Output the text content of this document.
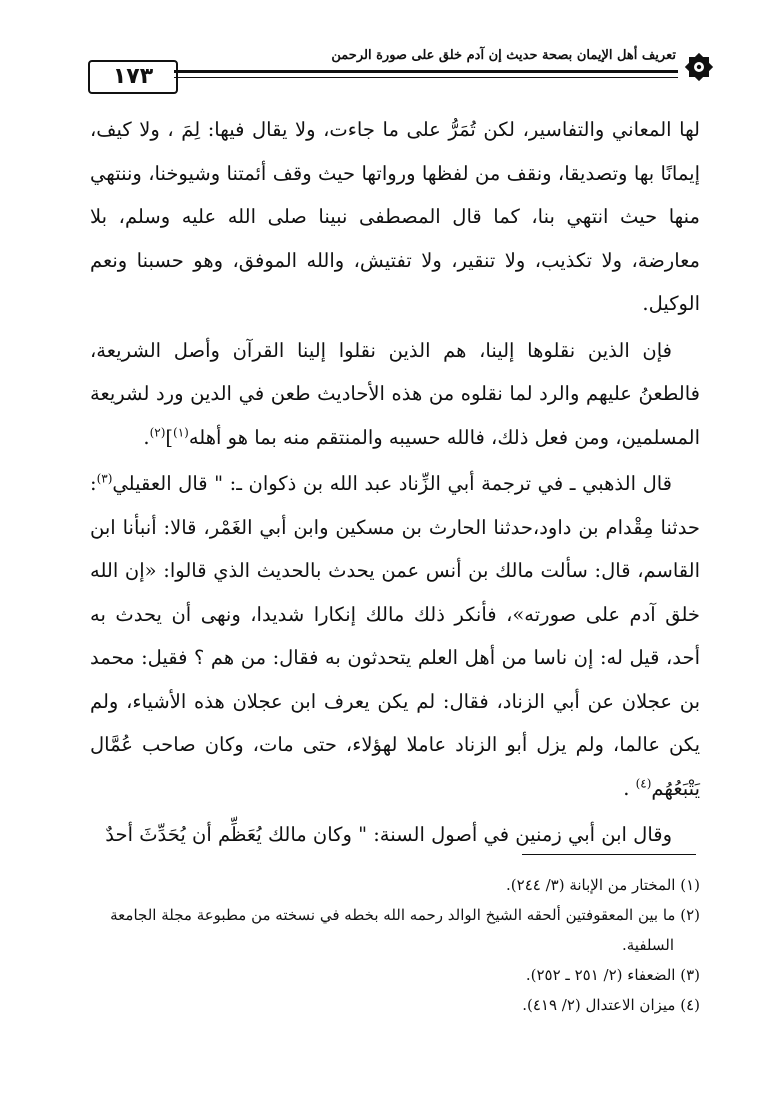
١٧٣
تعريف أهل الإيمان بصحة حديث إن آدم خلق على صورة الرحمن

لها المعاني والتفاسير، لكن تُمَرُّ على ما جاءت، ولا يقال فيها: لِمَ ، ولا كيف، إيمانًا بها وتصديقا، ونقف من لفظها ورواتها حيث وقف أئمتنا وشيوخنا، وننتهي منها حيث انتهي بنا، كما قال المصطفى نبينا صلى الله عليه وسلم، بلا معارضة، ولا تكذيب، ولا تنقير، ولا تفتيش، والله الموفق، وهو حسبنا ونعم الوكيل.

فإن الذين نقلوها إلينا، هم الذين نقلوا إلينا القرآن وأصل الشريعة، فالطعنُ عليهم والرد لما نقلوه من هذه الأحاديث طعن في الدين ورد لشريعة المسلمين، ومن فعل ذلك، فالله حسيبه والمنتقم منه بما هو أهله$^{(١)}$]$^{(٢)}$.

قال الذهبي ـ في ترجمة أبي الزِّناد عبد الله بن ذكوان ـ: " قال العقيلي$^{(٣)}$: حدثنا مِقْدام بن داود،حدثنا الحارث بن مسكين وابن أبي الغَمْر، قالا: أنبأنا ابن القاسم، قال: سألت مالك بن أنس عمن يحدث بالحديث الذي قالوا: «إن الله خلق آدم على صورته»، فأنكر ذلك مالك إنكارا شديدا، ونهى أن يحدث به أحد، قيل له: إن ناسا من أهل العلم يتحدثون به فقال: من هم ؟ فقيل: محمد بن عجلان عن أبي الزناد، فقال: لم يكن يعرف ابن عجلان هذه الأشياء، ولم يكن عالما، ولم يزل أبو الزناد عاملا لهؤلاء، حتى مات، وكان صاحب عُمَّال يَتْبَعُهُم$^{(٤)}$ .

وقال ابن أبي زمنين في أصول السنة: " وكان مالك يُعَظِّم أن يُحَدِّثَ أحدٌ

(١) المختار من الإبانة (٣/ ٢٤٤).
(٢) ما بين المعقوفتين ألحقه الشيخ الوالد رحمه الله بخطه في نسخته من مطبوعة مجلة الجامعة
السلفية.
(٣) الضعفاء (٢/ ٢٥١ ـ ٢٥٢).
(٤) ميزان الاعتدال (٢/ ٤١٩).
